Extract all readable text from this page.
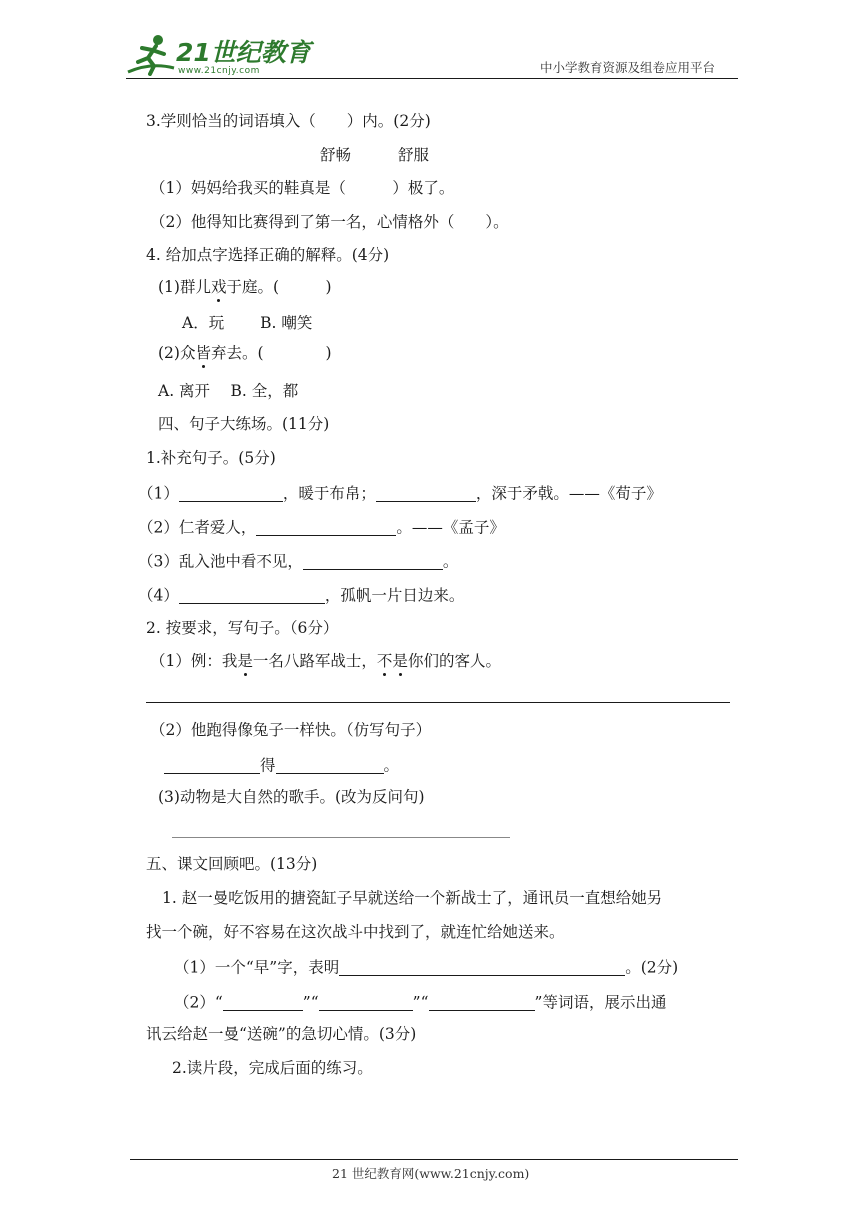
21世纪教育
www.21cnjy.com	中小学教育资源及组卷应用平台
3.学则恰当的词语填入（　　）内。(2分)
舒畅	舒服
（1）妈妈给我买的鞋真是（　　　）极了。
（2）他得知比赛得到了第一名，心情格外（　　）。
4. 给加点字选择正确的解释。(4分)
(1)群儿戏于庭。(　　　)
A．玩　　 B. 嘲笑
(2)众皆弃去。(　　　　)
A. 离开　 B. 全，都
四、句子大练场。(11分)
1.补充句子。(5分)
（1）	，暖于布帛；	，深于矛戟。——《荀子》
（2）仁者爱人，	。——《孟子》
（3）乱入池中看不见，	。
（4）	，孤帆一片日边来。
2. 按要求，写句子。（6分）
（1）例：我是一名八路军战士，不是你们的客人。
（2）他跑得像兔子一样快。（仿写句子）
得	。
(3)动物是大自然的歌手。(改为反问句)
五、课文回顾吧。(13分)
1. 赵一曼吃饭用的搪瓷缸子早就送给一个新战士了，通讯员一直想给她另
找一个碗，好不容易在这次战斗中找到了，就连忙给她送来。
（1）一个“早”字，表明	。(2分)
（2）“	”“	”“	”等词语，展示出通
讯云给赵一曼“送碗”的急切心情。(3分)
2.读片段，完成后面的练习。
21 世纪教育网(www.21cnjy.com)
